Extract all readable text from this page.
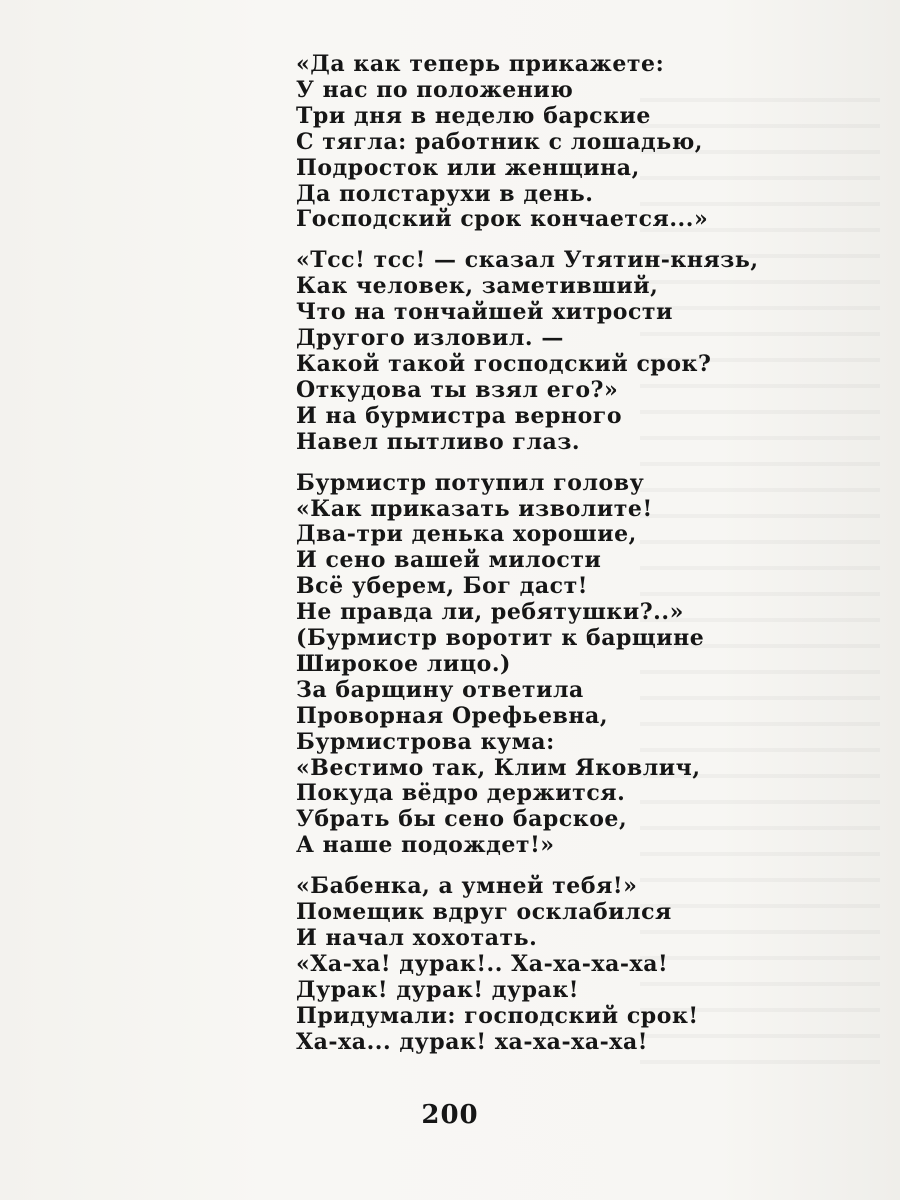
«Да как теперь прикажете:
У нас по положению
Три дня в неделю барские
С тягла: работник с лошадью,
Подросток или женщина,
Да полстарухи в день.
Господский срок кончается...»
«Тсс! тсс! — сказал Утятин-князь,
Как человек, заметивший,
Что на тончайшей хитрости
Другого изловил. —
Какой такой господский срок?
Откудова ты взял его?»
И на бурмистра верного
Навел пытливо глаз.
Бурмистр потупил голову
«Как приказать изволите!
Два-три денька хорошие,
И сено вашей милости
Всё уберем, Бог даст!
Не правда ли, ребятушки?..»
(Бурмистр воротит к барщине
Широкое лицо.)
За барщину ответила
Проворная Орефьевна,
Бурмистрова кума:
«Вестимо так, Клим Яковлич,
Покуда вёдро держится.
Убрать бы сено барское,
А наше подождет!»
«Бабенка, а умней тебя!»
Помещик вдруг осклабился
И начал хохотать.
«Ха-ха! дурак!.. Ха-ха-ха-ха!
Дурак! дурак! дурак!
Придумали: господский срок!
Ха-ха... дурак! ха-ха-ха-ха!
200
